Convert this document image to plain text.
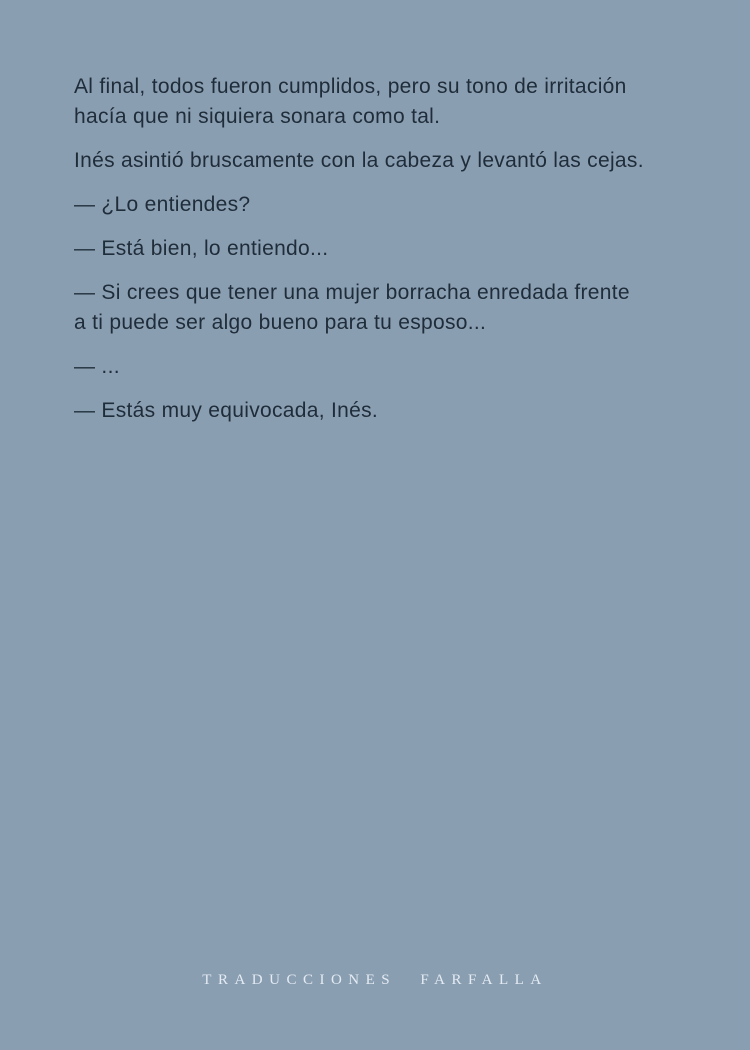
Al final, todos fueron cumplidos, pero su tono de irritación
hacía que ni siquiera sonara como tal.

Inés asintió bruscamente con la cabeza y levantó las cejas.

— ¿Lo entiendes?

— Está bien, lo entiendo...

— Si crees que tener una mujer borracha enredada frente
a ti puede ser algo bueno para tu esposo...

— ...

— Estás muy equivocada, Inés.

TRADUCCIONES FARFALLA
